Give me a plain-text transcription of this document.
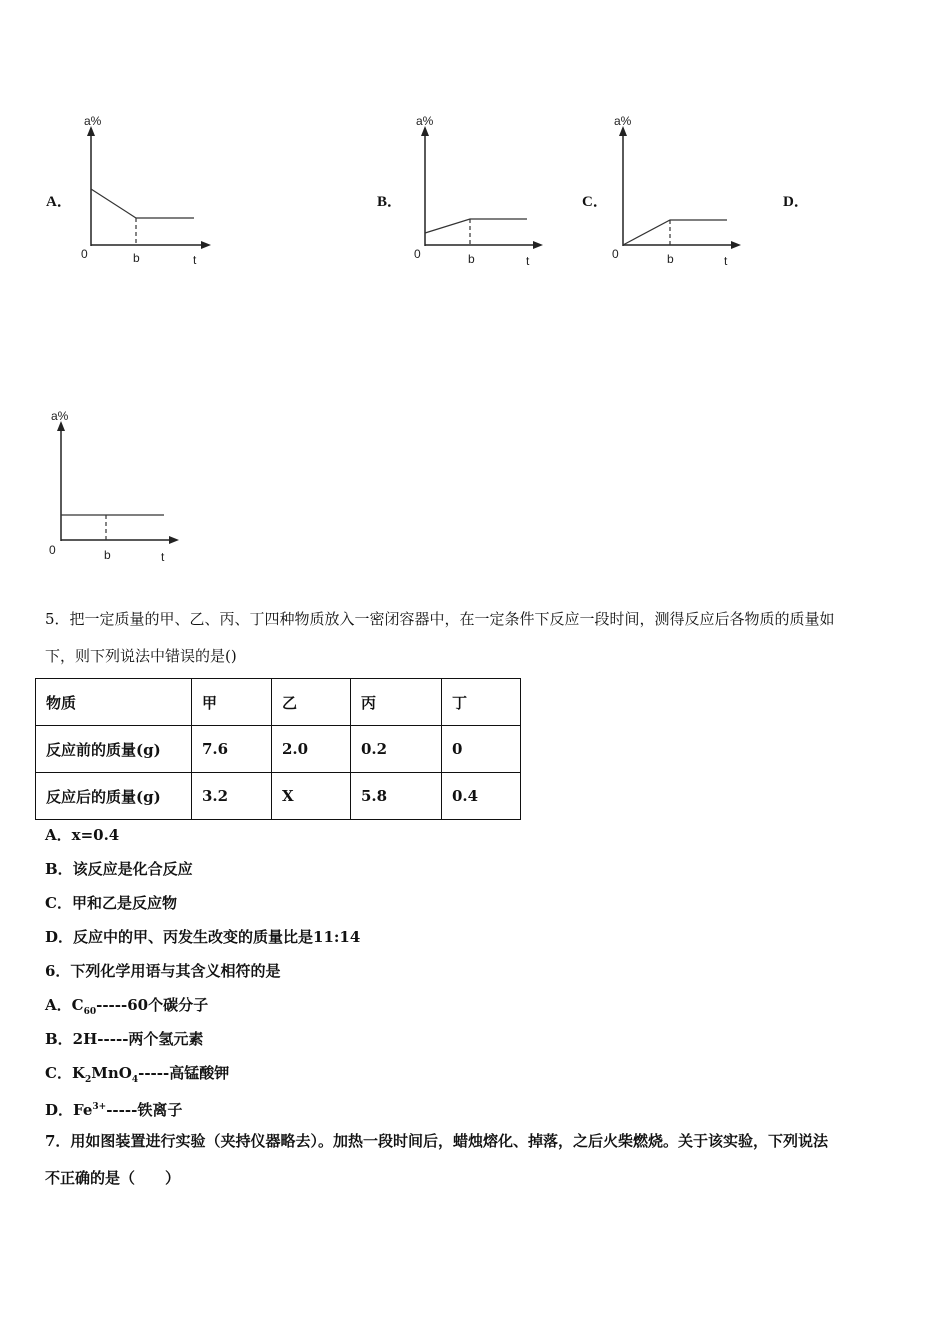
A．	B．	C．	D．
a%
0	b	t
a%
0	b	t
a%
0	b	t
a%
0	b	t
5．把一定质量的甲、乙、丙、丁四种物质放入一密闭容器中，在一定条件下反应一段时间，测得反应后各物质的质量如
下，则下列说法中错误的是()
物质	甲	乙	丙	丁
反应前的质量(g)	7.6	2.0	0.2	0
反应后的质量(g)	3.2	X	5.8	0.4
A．x=0.4
B．该反应是化合反应
C．甲和乙是反应物
D．反应中的甲、丙发生改变的质量比是11:14
6．下列化学用语与其含义相符的是
A．$C_{60}-----60$个碳分子
B．2H-----两个氢元素
C．$K_2MnO_4-----$高锰酸钾
D．$Fe^{3+}-----$铁离子
7．用如图装置进行实验（夹持仪器略去）。加热一段时间后，蜡烛熔化、掉落，之后火柴燃烧。关于该实验，下列说法
不正确的是（　　）
